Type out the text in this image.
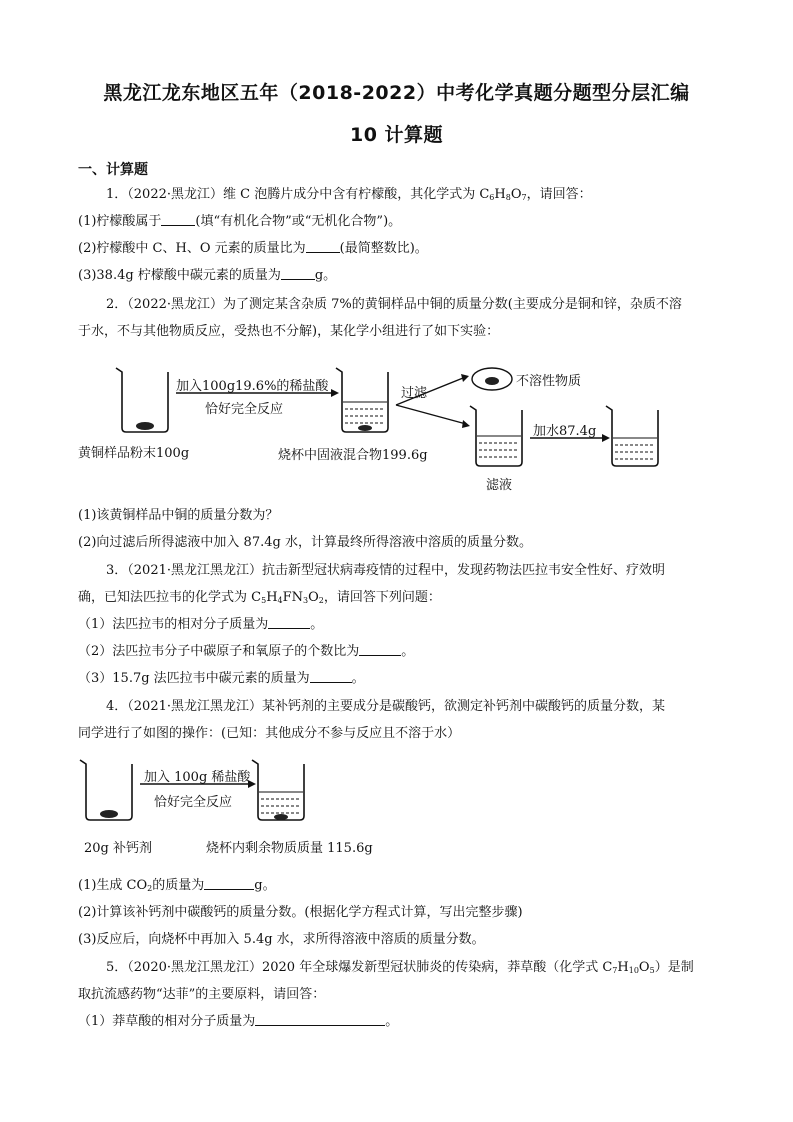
黑龙江龙东地区五年（2018-2022）中考化学真题分题型分层汇编
10 计算题
一、计算题
1．（2022·黑龙江）维 C 泡腾片成分中含有柠檬酸，其化学式为 $C_6H_8O_7$，请回答：
(1)柠檬酸属于	(填“有机化合物”或“无机化合物”)。
(2)柠檬酸中 C、H、O 元素的质量比为	(最简整数比)。
(3)38.4g 柠檬酸中碳元素的质量为	g。
2．（2022·黑龙江）为了测定某含杂质 7%的黄铜样品中铜的质量分数(主要成分是铜和锌，杂质不溶
于水，不与其他物质反应，受热也不分解)，某化学小组进行了如下实验：
加入100g19.6%的稀盐酸
恰好完全反应
过滤
不溶性物质
加水87.4g
黄铜样品粉末100g	烧杯中固液混合物199.6g
滤液
(1)该黄铜样品中铜的质量分数为？
(2)向过滤后所得滤液中加入 87.4g 水，计算最终所得溶液中溶质的质量分数。
3．（2021·黑龙江黑龙江）抗击新型冠状病毒疫情的过程中，发现药物法匹拉韦安全性好、疗效明
确，已知法匹拉韦的化学式为 $C_5H_4FN_3O_2$，请回答下列问题：
（1）法匹拉韦的相对分子质量为	。
（2）法匹拉韦分子中碳原子和氧原子的个数比为	。
（3）15.7g 法匹拉韦中碳元素的质量为	。
4．（2021·黑龙江黑龙江）某补钙剂的主要成分是碳酸钙，欲测定补钙剂中碳酸钙的质量分数，某
同学进行了如图的操作：(已知：其他成分不参与反应且不溶于水）
加入 100g 稀盐酸
恰好完全反应
20g 补钙剂	烧杯内剩余物质质量 115.6g
(1)生成 $CO_2$的质量为	g。
(2)计算该补钙剂中碳酸钙的质量分数。(根据化学方程式计算，写出完整步骤)
(3)反应后，向烧杯中再加入 5.4g 水，求所得溶液中溶质的质量分数。
5．（2020·黑龙江黑龙江）2020 年全球爆发新型冠状肺炎的传染病，莽草酸（化学式 $C_7H_{10}O_5$）是制
取抗流感药物“达菲”的主要原料，请回答：
（1）莽草酸的相对分子质量为	。
